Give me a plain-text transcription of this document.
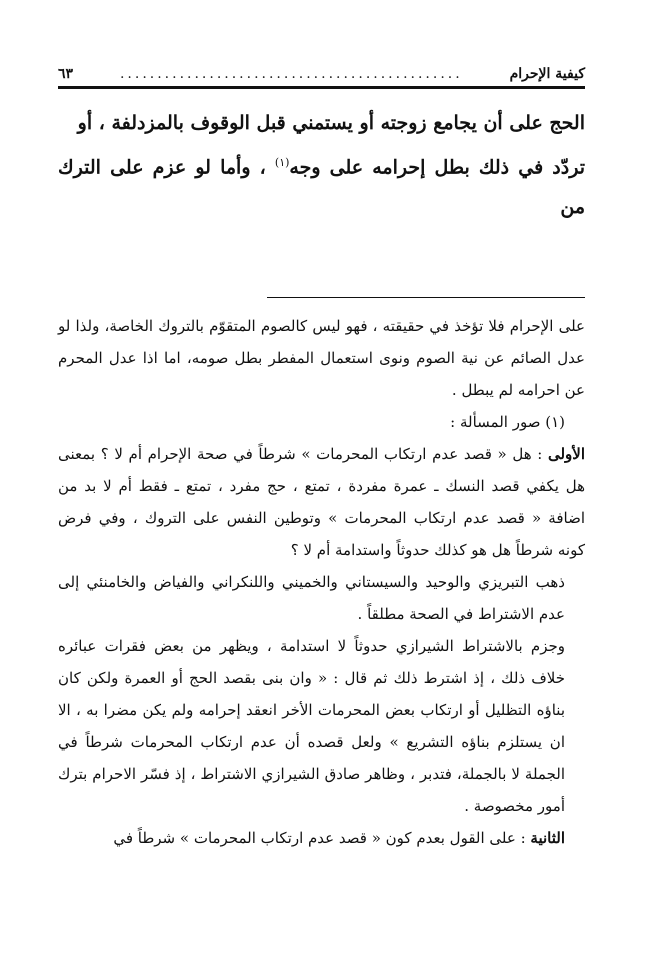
كيفية الإحرام
..............................................
٦٣
الحج على أن يجامع زوجته أو يستمني قبل الوقوف بالمزدلفة ، أو
تردّد في ذلك بطل إحرامه على وجه$^{(١)}$ ، وأما لو عزم على الترك من

على الإحرام فلا تؤخذ في حقيقته ، فهو ليس كالصوم المتقوّم بالتروك الخاصة، ولذا لو عدل الصائم عن نية الصوم ونوى استعمال المفطر بطل صومه، اما اذا عدل المحرم عن احرامه لم يبطل .

(١) صور المسألة :

الأولى : هل « قصد عدم ارتكاب المحرمات » شرطاً في صحة الإحرام أم لا ؟ بمعنى هل يكفي قصد النسك ـ عمرة مفردة ، تمتع ، حج مفرد ، تمتع ـ فقط أم لا بد من اضافة « قصد عدم ارتكاب المحرمات » وتوطين النفس على التروك ، وفي فرض كونه شرطاً هل هو كذلك حدوثاً واستدامة أم لا ؟

ذهب التبريزي والوحيد والسيستاني والخميني واللنكراني والفياض والخامنئي إلى عدم الاشتراط في الصحة مطلقاً .

وجزم بالاشتراط الشيرازي حدوثاً لا استدامة ، ويظهر من بعض فقرات عبائره خلاف ذلك ، إذ اشترط ذلك ثم قال : « وان بنى بقصد الحج أو العمرة ولكن كان بناؤه التظليل أو ارتكاب بعض المحرمات الأخر انعقد إحرامه ولم يكن مضرا به ، الا ان يستلزم بناؤه التشريع » ولعل قصده أن عدم ارتكاب المحرمات شرطاً في الجملة لا بالجملة، فتدبر ، وظاهر صادق الشيرازي الاشتراط ، إذ فسّر الاحرام بترك أمور مخصوصة .

الثانية : على القول بعدم كون « قصد عدم ارتكاب المحرمات » شرطاً في
